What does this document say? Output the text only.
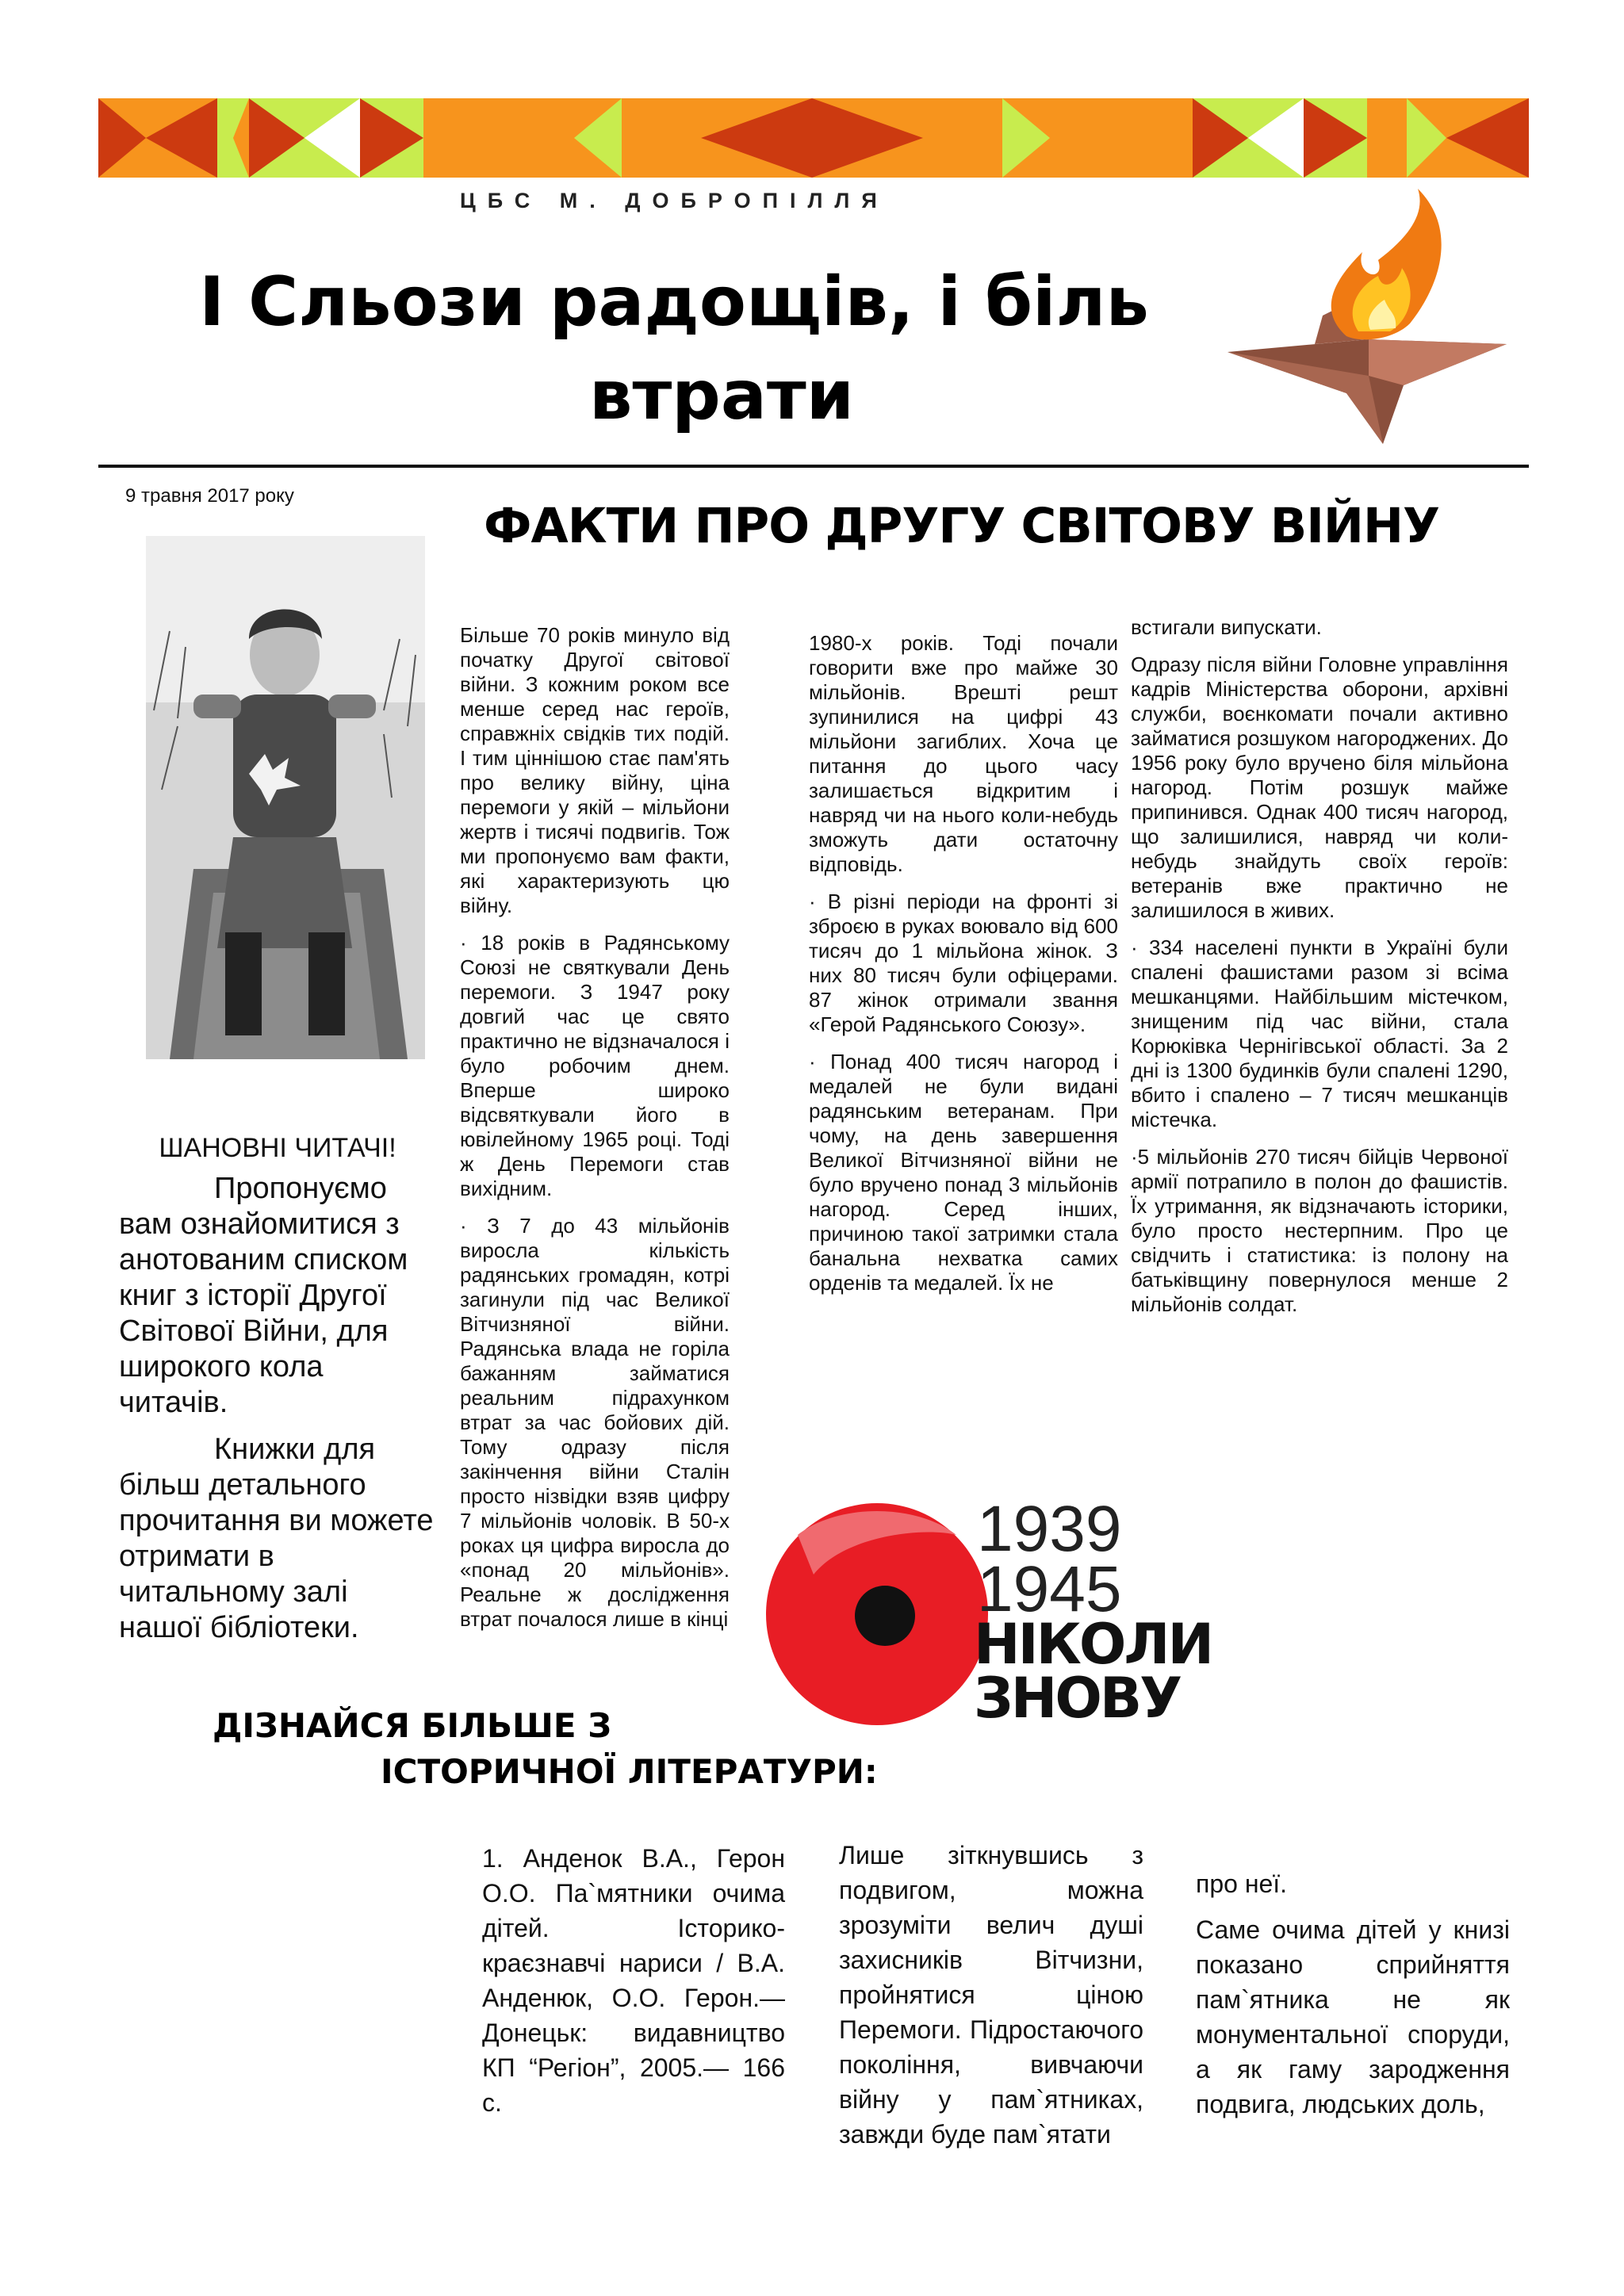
ЦБС М. ДОБРОПІЛЛЯ
І Сльози радощів, і біль
втрати
9 травня 2017 року
ФАКТИ ПРО ДРУГУ СВІТОВУ ВІЙНУ
ШАНОВНІ ЧИТАЧІ!

Пропонуємо вам ознайомитися з анотованим списком книг з історії Другої Світової Війни, для широкого кола читачів.

Книжки для більш детального прочитання ви можете отримати в читальному залі нашої бібліотеки.

Більше 70 років минуло від початку Другої світової війни. З кожним роком все менше серед нас героїв, справжніх свідків тих подій. І тим ціннішою стає пам'ять про велику війну, ціна перемоги у якій – мільйони жертв і тисячі подвигів. Тож ми пропонуємо вам факти, які характеризують цю війну.

· 18 років в Радянському Союзі не святкували День перемоги. З 1947 року довгий час це свято практично не відзначалося і було робочим днем. Вперше широко відсвяткували його в ювілейному 1965 році. Тоді ж День Перемоги став вихідним.

· З 7 до 43 мільйонів виросла кількість радянських громадян, котрі загинули під час Великої Вітчизняної війни. Радянська влада не горіла бажанням займатися реальним підрахунком втрат за час бойових дій. Тому одразу після закінчення війни Сталін просто нізвідки взяв цифру 7 мільйонів чоловік. В 50-х роках ця цифра виросла до «понад 20 мільйонів». Реальне ж дослідження втрат почалося лише в кінці

1980-х років. Тоді почали говорити вже про майже 30 мільйонів. Врешті решт зупинилися на цифрі 43 мільйони загиблих. Хоча це питання до цього часу залишається відкритим і навряд чи на нього коли-небудь зможуть дати остаточну відповідь.

· В різні періоди на фронті зі зброєю в руках воювало від 600 тисяч до 1 мільйона жінок. З них 80 тисяч були офіцерами. 87 жінок отримали звання «Герой Радянського Союзу».

· Понад 400 тисяч нагород і медалей не були видані радянським ветеранам. При чому, на день завершення Великої Вітчизняної війни не було вручено понад 3 мільйонів нагород. Серед інших, причиною такої затримки стала банальна нехватка самих орденів та медалей. Їх не

встигали випускати.

Одразу після війни Головне управління кадрів Міністерства оборони, архівні служби, воєнкомати почали активно займатися розшуком нагороджених. До 1956 року було вручено біля мільйона нагород. Потім розшук майже припинився. Однак 400 тисяч нагород, що залишилися, навряд чи коли-небудь знайдуть своїх героїв: ветеранів вже практично не залишилося в живих.

· 334 населені пункти в Україні були спалені фашистами разом зі всіма мешканцями. Найбільшим містечком, знищеним під час війни, стала Корюківка Чернігівської області. За 2 дні із 1300 будинків були спалені 1290, вбито і спалено – 7 тисяч мешканців містечка.

·5 мільйонів 270 тисяч бійців Червоної армії потрапило в полон до фашистів. Їх утримання, як відзначають історики, було просто нестерпним. Про це свідчить і статистика: із полону на батьківщину повернулося менше 2 мільйонів солдат.

1939
1945
НІКОЛИ
ЗНОВУ
ДІЗНАЙСЯ БІЛЬШЕ З
ІСТОРИЧНОЇ ЛІТЕРАТУРИ:

1. Анденок В.А., Герон О.О. Па`мятники очима дітей. Історико-краєзнавчі нариси / В.А. Анденюк, О.О. Герон.—Донецьк: видавництво КП “Регіон”, 2005.— 166 с.

Лише зіткнувшись з подвигом, можна зрозуміти велич душі захисників Вітчизни, пройнятися ціною Перемоги. Підростаючого покоління, вивчаючи війну у пам`ятниках, завжди буде пам`ятати

про неї.

Саме очима дітей у книзі показано сприйняття пам`ятника не як монументальної споруди, а як гаму зародження подвига, людських доль,
